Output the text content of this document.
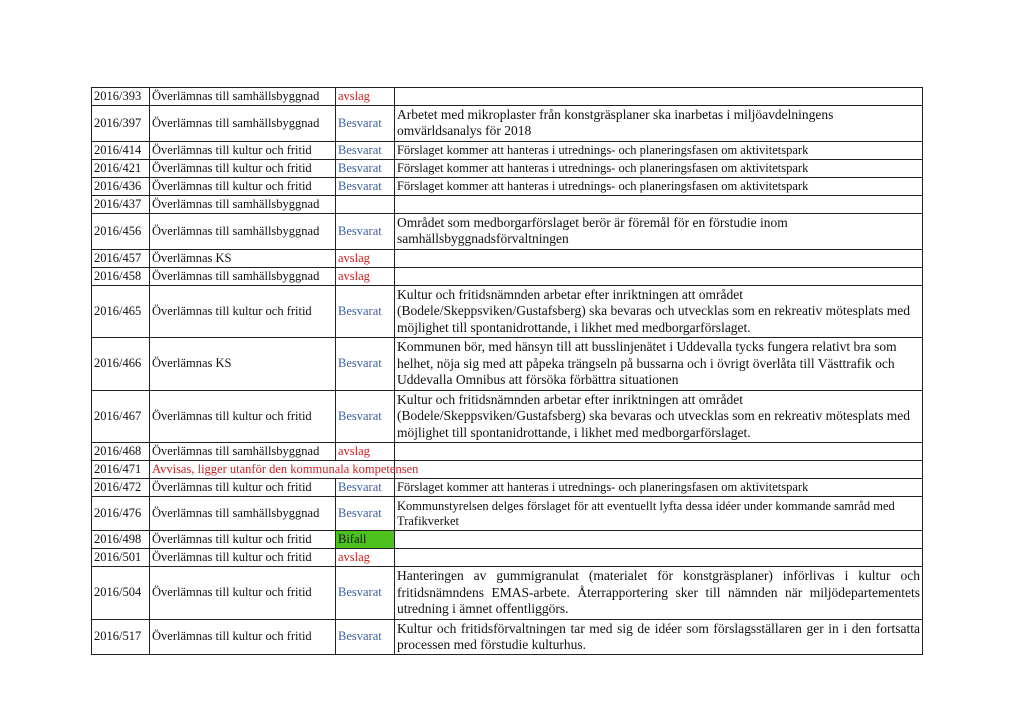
2016/393	Överlämnas till samhällsbyggnad	avslag	
2016/397	Överlämnas till samhällsbyggnad	Besvarat	Arbetet med mikroplaster från konstgräsplaner ska inarbetas i miljöavdelningens omvärldsanalys för 2018
2016/414	Överlämnas till kultur och fritid	Besvarat	Förslaget kommer att hanteras i utrednings- och planeringsfasen om aktivitetspark
2016/421	Överlämnas till kultur och fritid	Besvarat	Förslaget kommer att hanteras i utrednings- och planeringsfasen om aktivitetspark
2016/436	Överlämnas till kultur och fritid	Besvarat	Förslaget kommer att hanteras i utrednings- och planeringsfasen om aktivitetspark
2016/437	Överlämnas till samhällsbyggnad		
2016/456	Överlämnas till samhällsbyggnad	Besvarat	Området som medborgarförslaget berör är föremål för en förstudie inom samhällsbyggnadsförvaltningen
2016/457	Överlämnas KS	avslag	
2016/458	Överlämnas till samhällsbyggnad	avslag	
2016/465	Överlämnas till kultur och fritid	Besvarat	Kultur och fritidsnämnden arbetar efter inriktningen att området (Bodele/Skeppsviken/Gustafsberg) ska bevaras och utvecklas som en rekreativ mötesplats med möjlighet till spontanidrottande, i likhet med medborgarförslaget.
2016/466	Överlämnas KS	Besvarat	Kommunen bör, med hänsyn till att busslinjenätet i Uddevalla tycks fungera relativt bra som helhet, nöja sig med att påpeka trängseln på bussarna och i övrigt överlåta till Västtrafik och Uddevalla Omnibus att försöka förbättra situationen
2016/467	Överlämnas till kultur och fritid	Besvarat	Kultur och fritidsnämnden arbetar efter inriktningen att området (Bodele/Skeppsviken/Gustafsberg) ska bevaras och utvecklas som en rekreativ mötesplats med möjlighet till spontanidrottande, i likhet med medborgarförslaget.
2016/468	Överlämnas till samhällsbyggnad	avslag	
2016/471	Avvisas, ligger utanför den kommunala kompetensen		
2016/472	Överlämnas till kultur och fritid	Besvarat	Förslaget kommer att hanteras i utrednings- och planeringsfasen om aktivitetspark
2016/476	Överlämnas till samhällsbyggnad	Besvarat	Kommunstyrelsen delges förslaget för att eventuellt lyfta dessa idéer under kommande samråd med Trafikverket
2016/498	Överlämnas till kultur och fritid	Bifall	
2016/501	Överlämnas till kultur och fritid	avslag	
2016/504	Överlämnas till kultur och fritid	Besvarat	Hanteringen av gummigranulat (materialet för konstgräsplaner) införlivas i kultur och fritidsnämndens EMAS-arbete. Återrapportering sker till nämnden när miljödepartementets utredning i ämnet offentliggörs.
2016/517	Överlämnas till kultur och fritid	Besvarat	Kultur och fritidsförvaltningen tar med sig de idéer som förslagsställaren ger in i den fortsatta processen med förstudie kulturhus.
